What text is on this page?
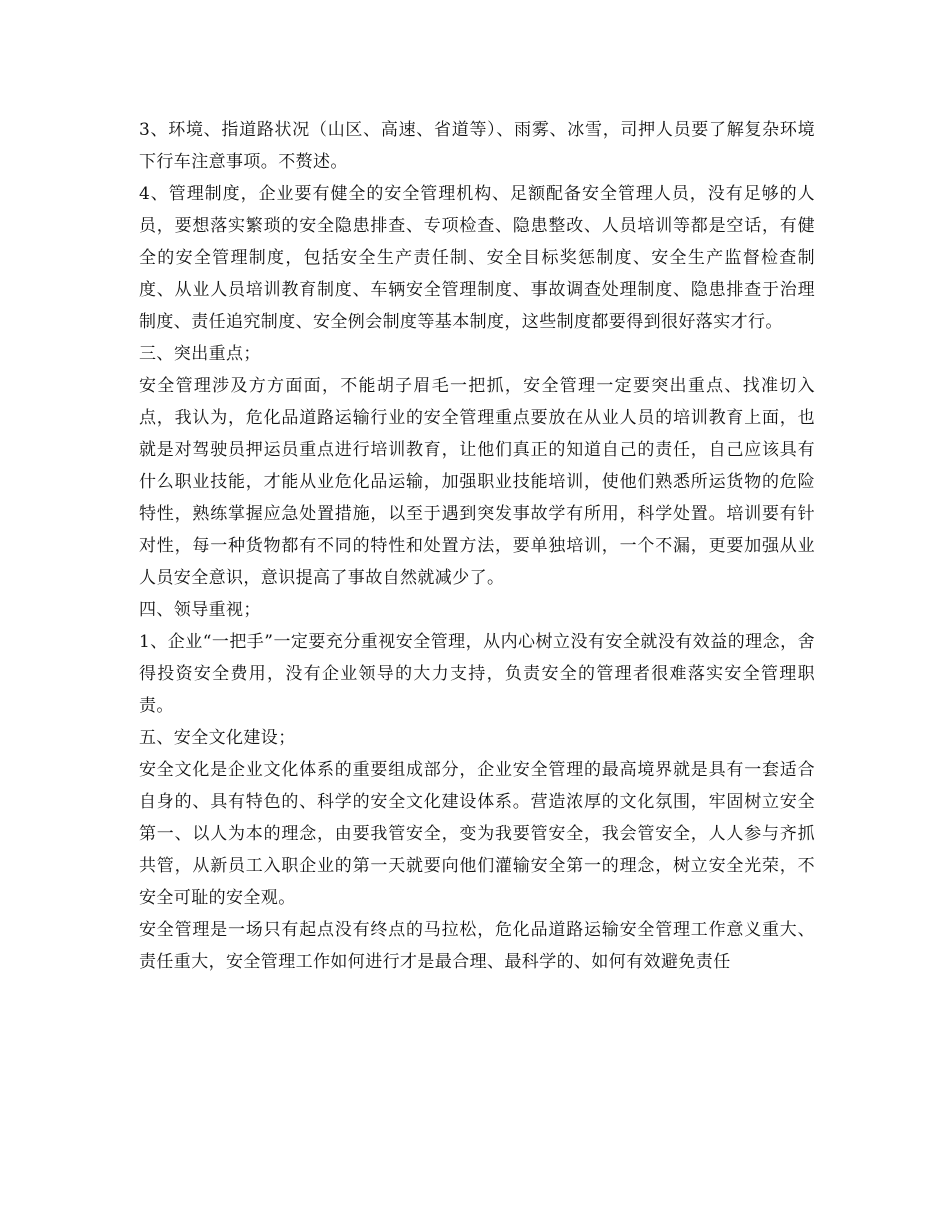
3、环境、指道路状况（山区、高速、省道等）、雨雾、冰雪，司押人员要了解复杂环境下行车注意事项。不赘述。

4、管理制度，企业要有健全的安全管理机构、足额配备安全管理人员，没有足够的人员，要想落实繁琐的安全隐患排查、专项检查、隐患整改、人员培训等都是空话，有健全的安全管理制度，包括安全生产责任制、安全目标奖惩制度、安全生产监督检查制度、从业人员培训教育制度、车辆安全管理制度、事故调查处理制度、隐患排查于治理制度、责任追究制度、安全例会制度等基本制度，这些制度都要得到很好落实才行。

三、突出重点；

安全管理涉及方方面面，不能胡子眉毛一把抓，安全管理一定要突出重点、找准切入点，我认为，危化品道路运输行业的安全管理重点要放在从业人员的培训教育上面，也就是对驾驶员押运员重点进行培训教育，让他们真正的知道自己的责任，自己应该具有什么职业技能，才能从业危化品运输，加强职业技能培训，使他们熟悉所运货物的危险特性，熟练掌握应急处置措施，以至于遇到突发事故学有所用，科学处置。培训要有针对性，每一种货物都有不同的特性和处置方法，要单独培训，一个不漏，更要加强从业人员安全意识，意识提高了事故自然就减少了。

四、领导重视；

1、企业“一把手”一定要充分重视安全管理，从内心树立没有安全就没有效益的理念，舍得投资安全费用，没有企业领导的大力支持，负责安全的管理者很难落实安全管理职责。

五、安全文化建设；

安全文化是企业文化体系的重要组成部分，企业安全管理的最高境界就是具有一套适合自身的、具有特色的、科学的安全文化建设体系。营造浓厚的文化氛围，牢固树立安全第一、以人为本的理念，由要我管安全，变为我要管安全，我会管安全，人人参与齐抓共管，从新员工入职企业的第一天就要向他们灌输安全第一的理念，树立安全光荣，不安全可耻的安全观。

安全管理是一场只有起点没有终点的马拉松，危化品道路运输安全管理工作意义重大、责任重大，安全管理工作如何进行才是最合理、最科学的、如何有效避免责任
